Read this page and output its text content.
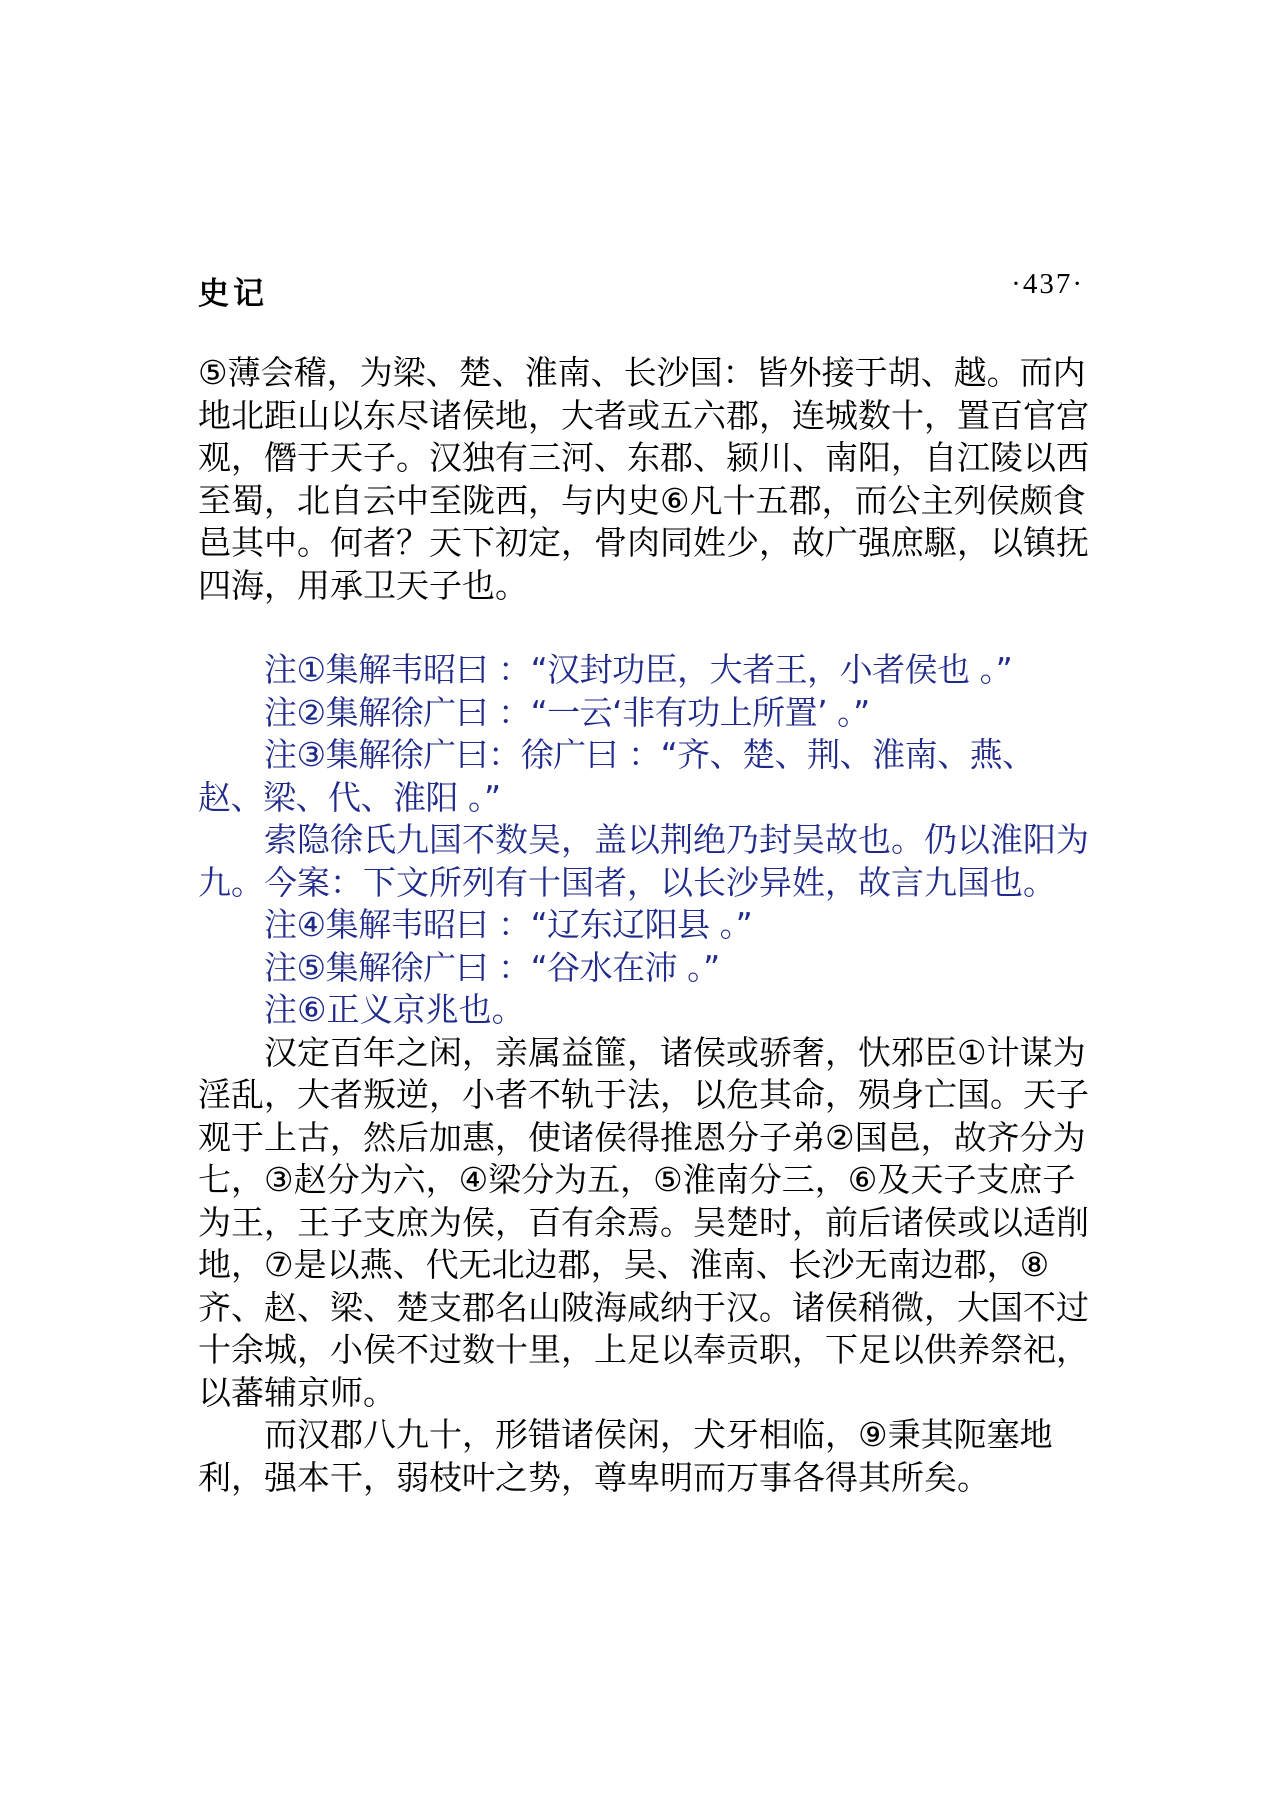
史记	·437·

⑤薄会稽，为梁、楚、淮南、长沙国：皆外接于胡、越。而内地北距山以东尽诸侯地，大者或五六郡，连城数十，置百官宫观，僭于天子。汉独有三河、东郡、颍川、南阳，自江陵以西至蜀，北自云中至陇西，与内史⑥凡十五郡，而公主列侯颇食邑其中。何者？天下初定，骨肉同姓少，故广强庶駆，以镇抚四海，用承卫天子也。

注①集解韦昭曰 ：“汉封功臣，大者王，小者侯也 。”

注②集解徐广曰 ：“一云‘非有功上所置’ 。”

注③集解徐广曰：徐广曰 ：“齐、楚、荆、淮南、燕、赵、梁、代、淮阳 。”

索隐徐氏九国不数吴，盖以荆绝乃封吴故也。仍以淮阳为九。今案：下文所列有十国者，以长沙异姓，故言九国也。

注④集解韦昭曰 ：“辽东辽阳县 。”

注⑤集解徐广曰 ：“谷水在沛 。”

注⑥正义京兆也。

汉定百年之闲，亲属益篚，诸侯或骄奢，忕邪臣①计谋为淫乱，大者叛逆，小者不轨于法，以危其命，殒身亡国。天子观于上古，然后加惠，使诸侯得推恩分子弟②国邑，故齐分为七，③赵分为六，④梁分为五，⑤淮南分三，⑥及天子支庶子为王，王子支庶为侯，百有余焉。吴楚时，前后诸侯或以适削地，⑦是以燕、代无北边郡，吴、淮南、长沙无南边郡，⑧齐、赵、梁、楚支郡名山陂海咸纳于汉。诸侯稍微，大国不过十余城，小侯不过数十里，上足以奉贡职，下足以供养祭祀，以蕃辅京师。

而汉郡八九十，形错诸侯闲，犬牙相临，⑨秉其阨塞地利，强本干，弱枝叶之势，尊卑明而万事各得其所矣。
